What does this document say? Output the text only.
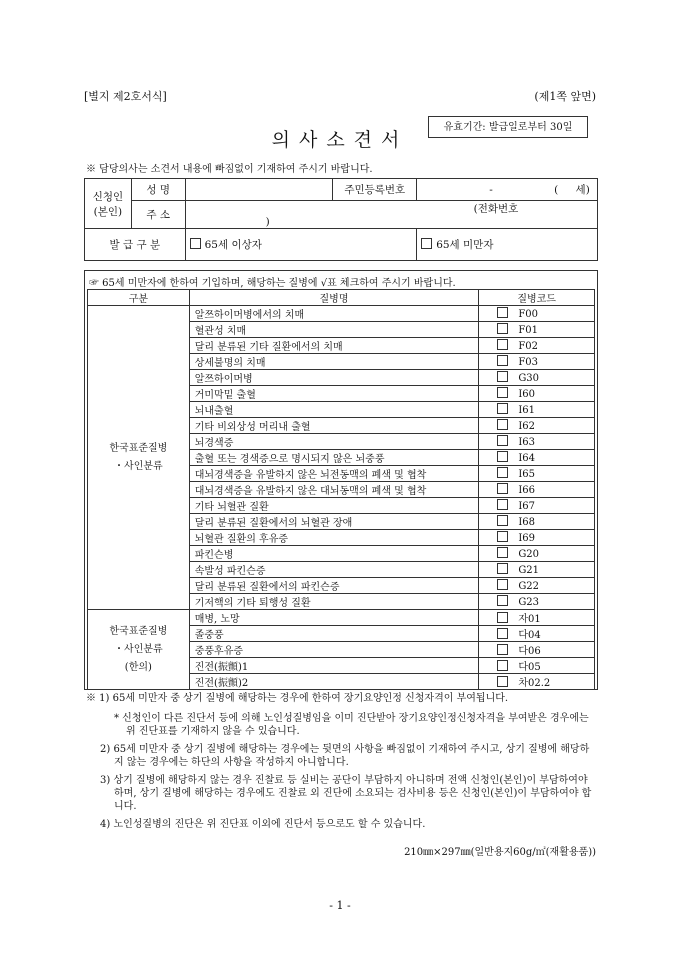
[별지 제2호서식]	(제1쪽 앞면)
의사소견서
유효기간: 발급일로부터 30일
※ 담당의사는 소견서 내용에 빠짐없이 기재하여 주시기 바랍니다.
신청인
(본인)	성 명		주민등록번호	- ( 세)
	주 소	(전화번호 )		
발 급 구 분		65세 이상자		65세 미만자
☞ 65세 미만자에 한하여 기입하며, 해당하는 질병에 √표 체크하여 주시기 바랍니다.
구분	질병명	질병코드

한국표준질병
・사인분류	알쯔하이머병에서의 치매	F00
	혈관성 치매	F01
	달리 분류된 기타 질환에서의 치매	F02
	상세불명의 치매	F03
	알쯔하이머병	G30
	거미막밑 출혈	I60
	뇌내출혈	I61
	기타 비외상성 머리내 출혈	I62
	뇌경색증	I63
	출혈 또는 경색증으로 명시되지 않은 뇌중풍	I64
	대뇌경색증을 유발하지 않은 뇌전동맥의 폐색 및 협착	I65
	대뇌경색증을 유발하지 않은 대뇌동맥의 폐색 및 협착	I66
	기타 뇌혈관 질환	I67
	달리 분류된 질환에서의 뇌혈관 장애	I68
	뇌혈관 질환의 후유증	I69
	파킨슨병	G20
	속발성 파킨슨증	G21
	달리 분류된 질환에서의 파킨슨증	G22
	기저핵의 기타 퇴행성 질환	G23

한국표준질병
・사인분류
(한의)	매병, 노망	자01
	졸중풍	다04
	중풍후유증	다06
	진전(振顫)1	다05
	진전(振顫)2	차02.2

※ 1) 65세 미만자 중 상기 질병에 해당하는 경우에 한하여 장기요양인정 신청자격이 부여됩니다.

* 신청인이 다른 진단서 등에 의해 노인성질병임을 이미 진단받아 장기요양인정신청자격을 부여받은 경우에는 위 진단표를 기재하지 않을 수 있습니다.

2) 65세 미만자 중 상기 질병에 해당하는 경우에는 뒷면의 사항을 빠짐없이 기재하여 주시고, 상기 질병에 해당하지 않는 경우에는 하단의 사항을 작성하지 아니합니다.

3) 상기 질병에 해당하지 않는 경우 진찰료 등 실비는 공단이 부담하지 아니하며 전액 신청인(본인)이 부담하여야 하며, 상기 질병에 해당하는 경우에도 진찰료 외 진단에 소요되는 검사비용 등은 신청인(본인)이 부담하여야 합니다.

4) 노인성질병의 진단은 위 진단표 이외에 진단서 등으로도 할 수 있습니다.

210㎜×297㎜(일반용지60g/㎡(재활용품))
- 1 -
